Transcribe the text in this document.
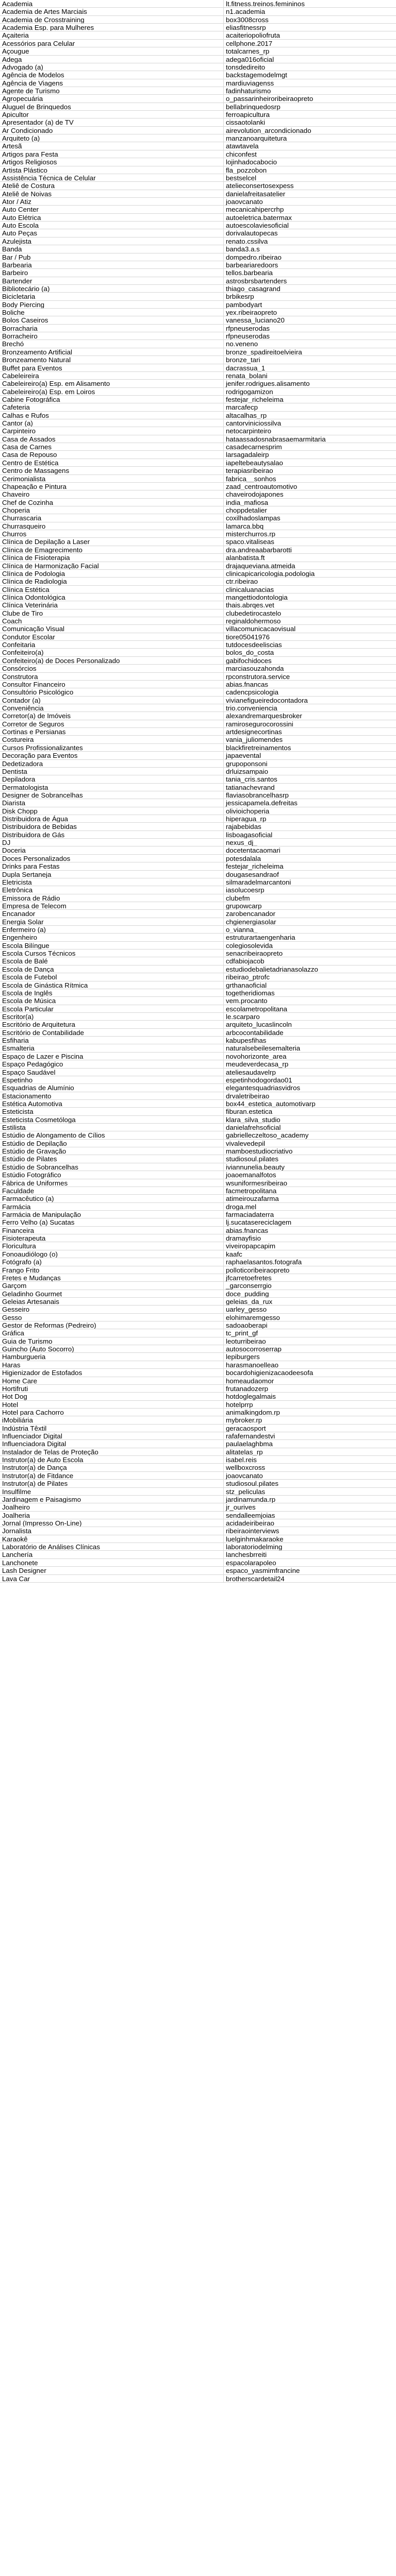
Academia	lt.fitness.treinos.femininos
Academia de Artes Marciais	n1.academia
Academia de Crosstraining	box3008cross
Academia Esp. para Mulheres	eliasfitnessrp
Açaiteria	acaiteriopoliofruta
Acessórios para Celular	cellphone.2017
Açougue	totalcarnes_rp
Adega	adega016oficial
Advogado (a)	tonsdedireito
Agência de Modelos	backstagemodelmgt
Agência de Viagens	mardiuviagenss
Agente de Turismo	fadinhaturismo
Agropecuária	o_passarinheiroribeiraopreto
Aluguel de Brinquedos	bellabrinquedosrp
Apicultor	ferroapicultura
Apresentador (a) de TV	cissaotolanki
Ar Condicionado	airevolution_arcondicionado
Arquiteto (a)	manzanoarquitetura
Artesã	atawtavela
Artigos para Festa	chiconfest
Artigos Religiosos	lojinhadocabocio
Artista Plástico	fla_pozzobon
Assistência Técnica de Celular	bestselcel
Ateliê de Costura	atelieconsertosexpess
Ateliê de Noivas	danielafreitasatelier
Ator / Atiz	joaovcanato
Auto Center	mecanicahipercrhp
Auto Elétrica	autoeletrica.batermax
Auto Escola	autoescolaviesoficial
Auto Peças	dorivalautopecas
Azulejista	renato.cssilva
Banda	banda3.a.s
Bar / Pub	dompedro.ribeirao
Barbearia	barbeariaredoors
Barbeiro	tellos.barbearia
Bartender	astrosbrsbartenders
Bibliotecário (a)	thiago_casagrand
Bicicletaria	brbikesrp
Body Piercing	pambodyart
Boliche	yex.ribeiraopreto
Bolos Caseiros	vanessa_luciano20
Borracharia	rfpneuserodas
Borracheiro	rfpneuserodas
Brechó	no.veneno
Bronzeamento Artificial	bronze_spadireitoelvieira
Bronzeamento Natural	bronze_tari
Buffet para Eventos	dacrassua_1
Cabeleireira	renata_bolani
Cabeleireiro(a) Esp. em Alisamento	jenifer.rodrigues.alisamento
Cabeleireiro(a) Esp. em Loiros	rodrigogamizon
Cabine Fotográfica	festejar_richeleima
Cafeteria	marcafecp
Calhas e Rufos	altacalhas_rp
Cantor (a)	cantorviniciossilva
Carpinteiro	netocarpinteiro
Casa de Assados	hataassadosnabrasaemarmitaria
Casa de Carnes	casadecarnesprim
Casa de Repouso	larsagadaleirp
Centro de Estética	iapeltebeautysalao
Centro de Massagens	terapiasribeirao
Cerimonialista	fabrica__sonhos
Chapeação e Pintura	zaad_centroautomotivo
Chaveiro	chaveirodojapones
Chef de Cozinha	india_mafiosa
Choperia	choppdetalier
Churrascaria	coxilhadoslampas
Churrasqueiro	lamarca.bbq
Churros	misterchurros.rp
Clínica de Depilação a Laser	spaco.vitaliseas
Clínica de Emagrecimento	dra.andreaabarbarotti
Clínica de Fisioterapia	alanbatista.ft
Clínica de Harmonização Facial	drajaqueviana.atmeida
Clínica de Podologia	clinicapicaricologia.podologia
Clínica de Radiologia	ctr.ribeirao
Clínica Estética	clinicaluanacias
Clínica Odontológica	mangettiodontologia
Clínica Veterinária	thais.abrqes.vet
Clube de Tiro	clubedetirocastelo
Coach	reginaldohermoso
Comunicação Visual	villacomunicacaovisual
Condutor Escolar	tiore05041976
Confeitaria	tutdocesdeeliscias
Confeiteiro(a)	bolos_do_costa
Confeiteiro(a) de Doces Personalizado	gabifochidoces
Consórcios	marciasouzahonda
Construtora	rpconstrutora.service
Consultor Financeiro	abias.fnancas
Consultório Psicológico	cadencpsicologia
Contador (a)	vivianefigueiredocontadora
Conveniência	trio.conveniencia
Corretor(a) de Imóveis	alexandremarquesbroker
Corretor de Seguros	ramirosegurocorossini
Cortinas e Persianas	artdesignecortinas
Costureira	vania_juliomendes
Cursos Profissionalizantes	blackfiretreinamentos
Decoração para Eventos	japaevental
Dedetizadora	grupoponsoni
Dentista	drluizsampaio
Depiladora	tania_cris.santos
Dermatologista	tatianachevrand
Designer de Sobrancelhas	flaviasobrancelhasrp
Diarista	jessicapamela.defreitas
Disk Chopp	olivioichoperia
Distribuidora de Água	hiperagua_rp
Distribuidora de Bebidas	rajabebidas
Distribuidora de Gás	lisboagasoficial
DJ	nexus_dj_
Doceria	docetentacaomari
Doces Personalizados	potesdalala
Drinks para Festas	festejar_richeleima
Dupla Sertaneja	dougasesandraof
Eletricista	silmaradelmarcantoni
Eletrônica	iasolucoesrp
Emissora de Rádio	clubefm
Empresa de Telecom	grupowcarp
Encanador	zarobencanador
Energia Solar	chgienergiasolar
Enfermeiro (a)	o_vianna_
Engenheiro	estruturartaengenharia
Escola Bilíngue	colegiosolevida
Escola Cursos Técnicos	senacribeiraopreto
Escola de Balé	cdfabiojacob
Escola de Dança	estudiodebalietadrianasolazzo
Escola de Futebol	ribeirao_ptrofc
Escola de Ginástica Rítmica	grthanaoficial
Escola de Inglês	togetheridiomas
Escola de Música	vem.procanto
Escola Particular	escolametropolitana
Escritor(a)	le.scarparo
Escritório de Arquitetura	arquiteto_lucaslincoln
Escritório de Contabilidade	arbcocontabilidade
Esfiharia	kabupesfihas
Esmalteria	naturalsebeilesemalteria
Espaço de Lazer e Piscina	novohorizonte_area
Espaço Pedagógico	meudeverdecasa_rp
Espaço Saudável	ateliesaudavelrp
Espetinho	espetinhodogordao01
Esquadrias de Alumínio	elegantesquadriasvidros
Estacionamento	drvaletribeirao
Estética Automotiva	box44_estetica_automotivarp
Esteticista	fiburan.estetica
Esteticista Cosmetóloga	klara_silva_studio
Estilista	danielafrehsoficial
Estúdio de Alongamento de Cílios	gabrielleczeltoso_academy
Estúdio de Depilação	vivalevedepil
Estúdio de Gravação	mamboestudiocriativo
Estúdio de Pilates	studiosoul.pilates
Estúdio de Sobrancelhas	iviannunelia.beauty
Estúdio Fotográfico	joaoemanalfotos
Fábrica de Uniformes	wsuniformesribeirao
Faculdade	facmetropolitana
Farmacêutico (a)	atimeirouzafarma
Farmácia	droga.mel
Farmácia de Manipulação	farmaciadaterra
Ferro Velho (a) Sucatas	lj.sucatasereciclagem
Financeira	abias.fnancas
Fisioterapeuta	dramayfisio
Floricultura	viveiropapcapim
Fonoaudiólogo (o)	kaafc
Fotógrafo (a)	raphaelasantos.fotografa
Frango Frito	polloticoribeiraopreto
Fretes e Mudanças	jfcarretoefretes
Garçom	_garconserrgio
Geladinho Gourmet	doce_pudding
Geleias Artesanais	geleias_da_rux
Gesseiro	uarley_gesso
Gesso	elohimaremgesso
Gestor de Reformas (Pedreiro)	sadoaoberapi
Gráfica	tc_print_gf
Guia de Turismo	leoturribeirao
Guincho (Auto Socorro)	autosocorroserrap
Hamburgueria	lepiburgers
Haras	harasmanoelleao
Higienizador de Estofados	bocardohigienizacaodeesofa
Home Care	homeaudaomor
Hortifruti	frutanadozerp
Hot Dog	hotdoglegalmais
Hotel	hotelprrp
Hotel para Cachorro	animalkingdom.rp
iMobiliária	mybroker.rp
Indústria Têxtil	geracaosport
Influenciador Digital	rafafernandestvi
Influenciadora Digital	paulaelaghbma
Instalador de Telas de Proteção	alitatelas_rp
Instrutor(a) de Auto Escola	isabel.reis
Instrutor(a) de Dança	wellboxcross
Instrutor(a) de Fitdance	joaovcanato
Instrutor(a) de Pilates	studiosoul.pilates
Insulfilme	stz_peliculas
Jardinagem e Paisagismo	jardinamunda.rp
Joalheiro	jr_ourives
Joalheria	sendalleemjoias
Jornal (Impresso On-Line)	acidadeiribeirao
Jornalista	ribeiraointerviews
Karaokê	luelginhmakaraoke
Laboratório de Análises Clínicas	laboratoriodelming
Lanchería	lanchesbrreiti
Lanchonete	espacolarapoleo
Lash Designer	espaco_yasmimfrancine
Lava Car	brotherscardetail24
